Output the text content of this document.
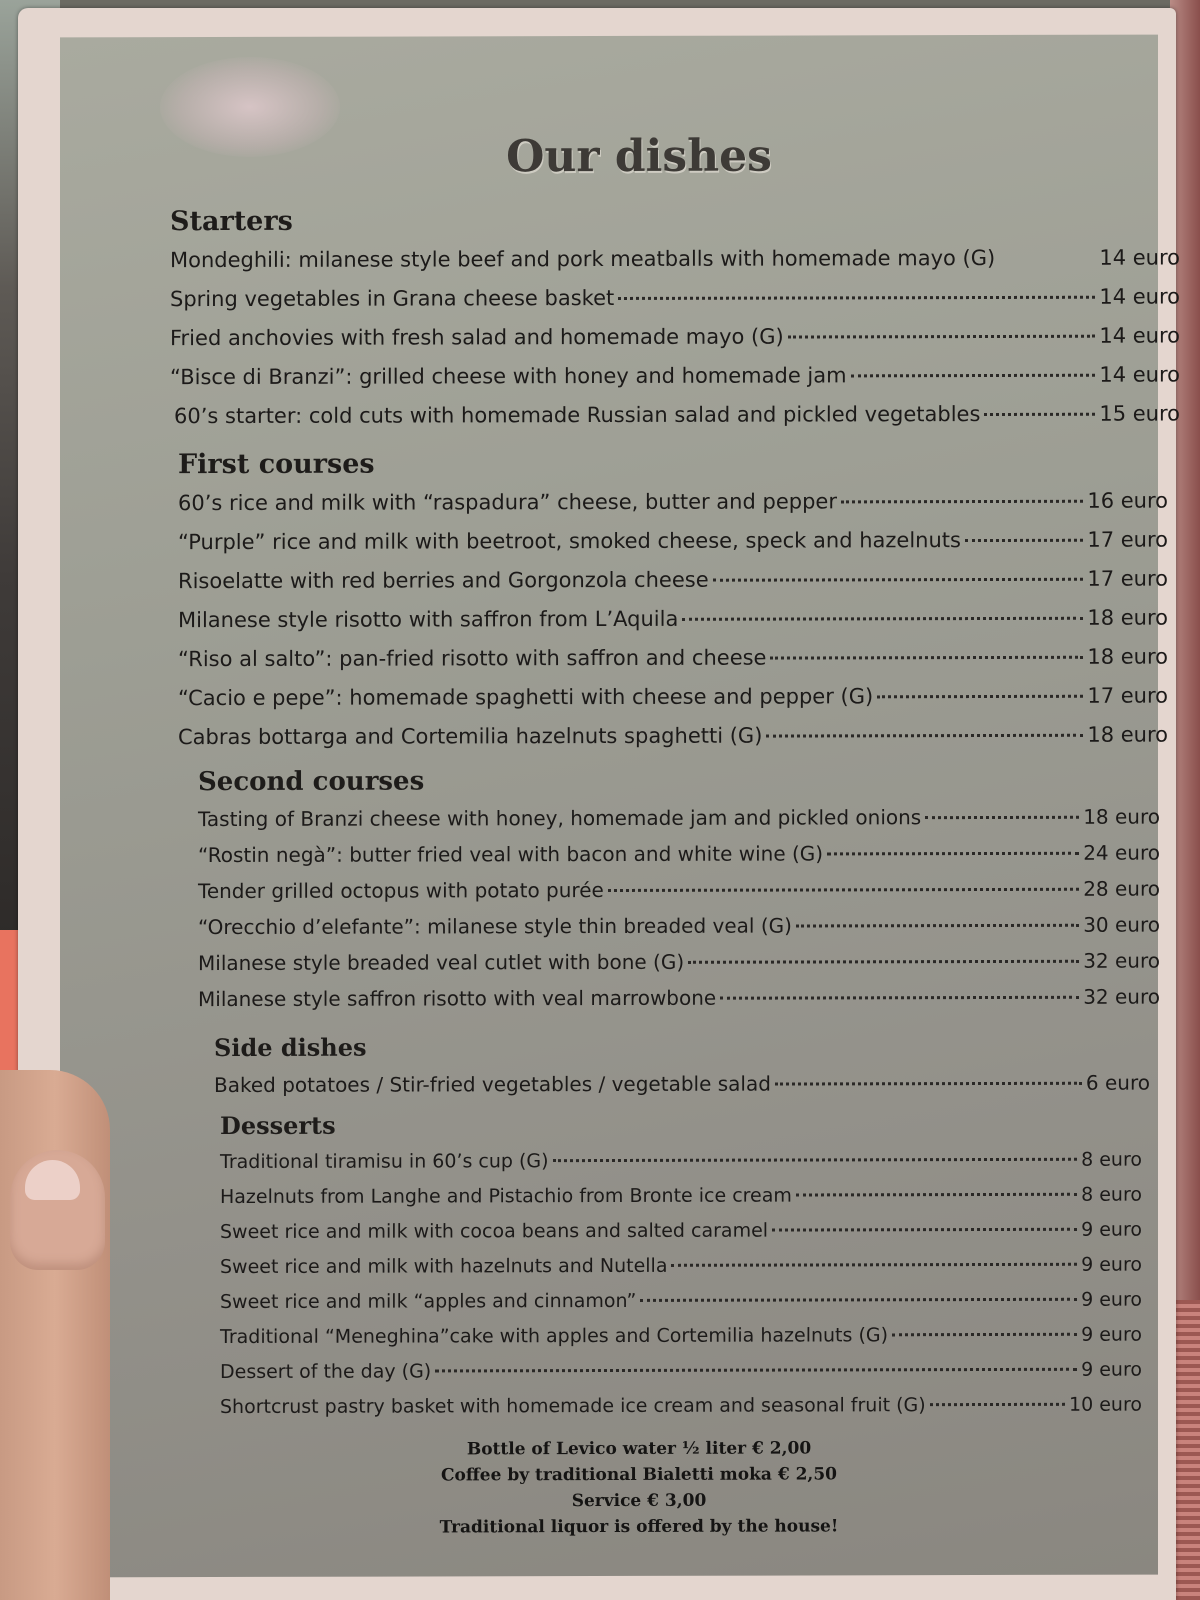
Our dishes
Starters
Mondeghili: milanese style beef and pork meatballs with homemade mayo (G)	14 euro
Spring vegetables in Grana cheese basket	14 euro
Fried anchovies with fresh salad and homemade mayo (G)	14 euro
“Bisce di Branzi”: grilled cheese with honey and homemade jam	14 euro
60’s starter: cold cuts with homemade Russian salad and pickled vegetables	15 euro
First courses
60’s rice and milk with “raspadura” cheese, butter and pepper	16 euro
“Purple” rice and milk with beetroot, smoked cheese, speck and hazelnuts	17 euro
Risoelatte with red berries and Gorgonzola cheese	17 euro
Milanese style risotto with saffron from L’Aquila	18 euro
“Riso al salto”: pan-fried risotto with saffron and cheese	18 euro
“Cacio e pepe”: homemade spaghetti with cheese and pepper (G)	17 euro
Cabras bottarga and Cortemilia hazelnuts spaghetti (G)	18 euro
Second courses
Tasting of Branzi cheese with honey, homemade jam and pickled onions	18 euro
“Rostin negà”: butter fried veal with bacon and white wine (G)	24 euro
Tender grilled octopus with potato purée	28 euro
“Orecchio d’elefante”: milanese style thin breaded veal (G)	30 euro
Milanese style breaded veal cutlet with bone (G)	32 euro
Milanese style saffron risotto with veal marrowbone	32 euro
Side dishes
Baked potatoes / Stir-fried vegetables / vegetable salad	6 euro
Desserts
Traditional tiramisu in 60’s cup (G)	8 euro
Hazelnuts from Langhe and Pistachio from Bronte ice cream	8 euro
Sweet rice and milk with cocoa beans and salted caramel	9 euro
Sweet rice and milk with hazelnuts and Nutella	9 euro
Sweet rice and milk “apples and cinnamon”	9 euro
Traditional “Meneghina”cake with apples and Cortemilia hazelnuts (G)	9 euro
Dessert of the day (G)	9 euro
Shortcrust pastry basket with homemade ice cream and seasonal fruit (G)	10 euro
Bottle of Levico water ½ liter € 2,00
Coffee by traditional Bialetti moka € 2,50
Service € 3,00
Traditional liquor is offered by the house!
